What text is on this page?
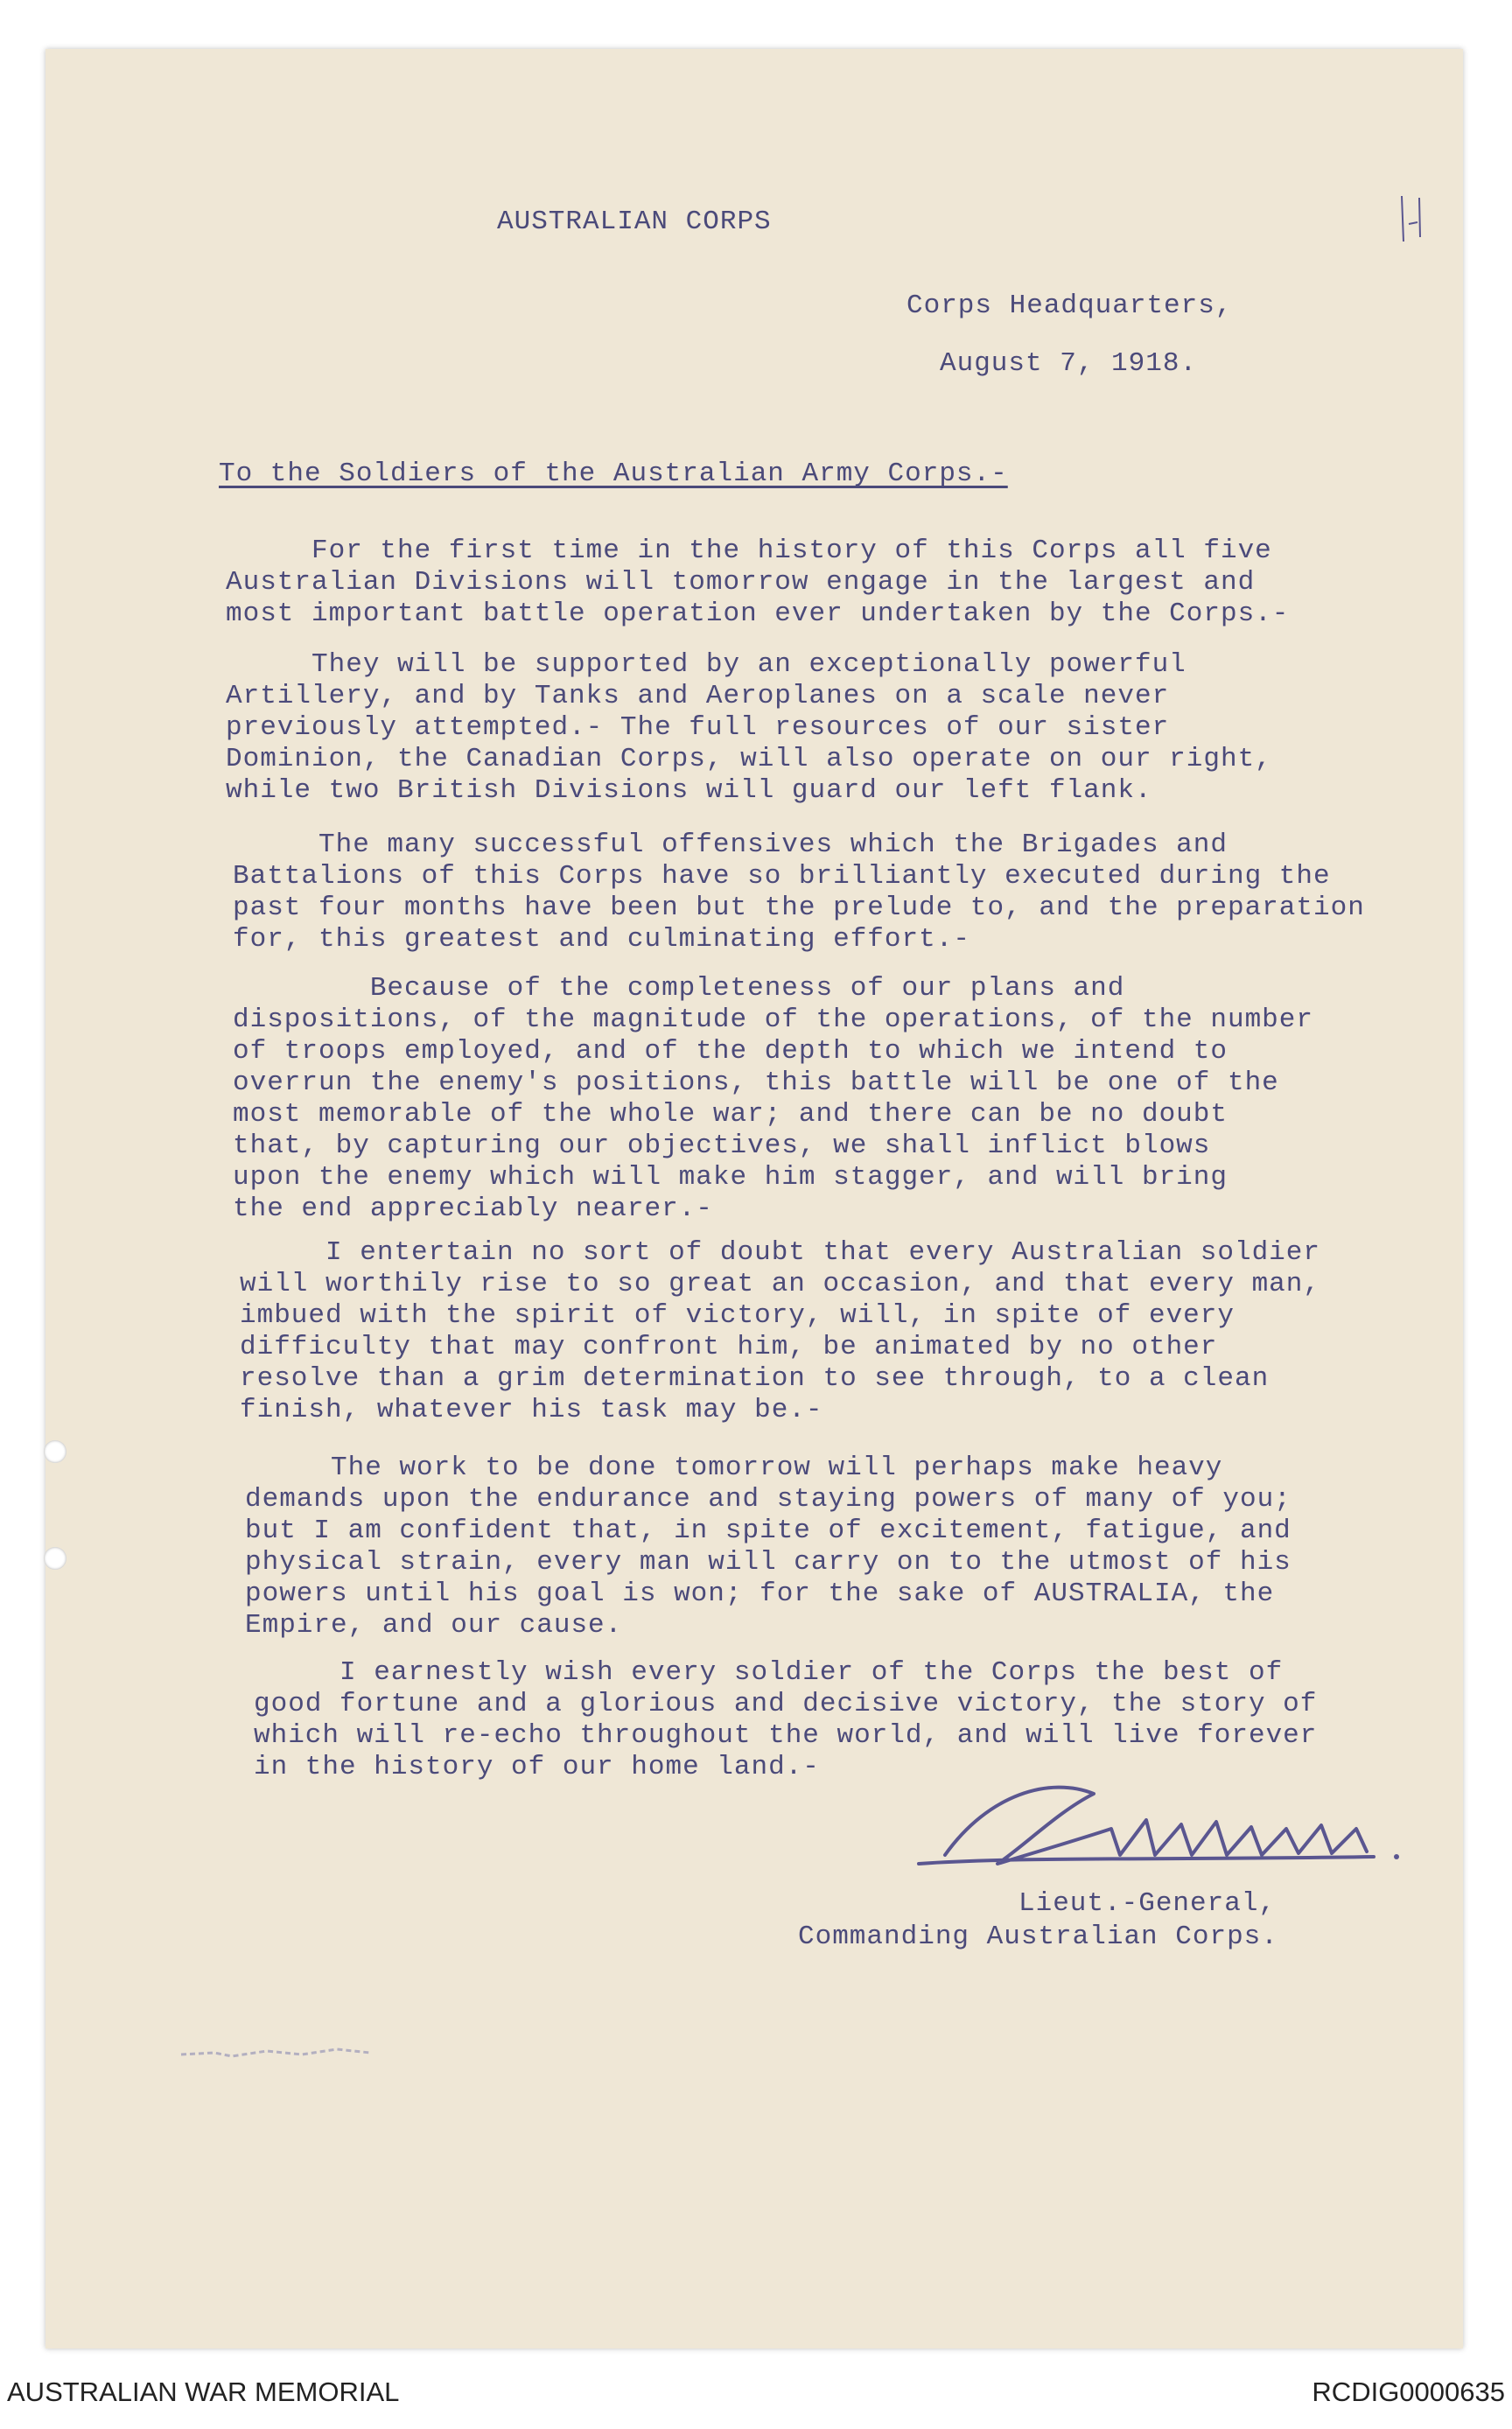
AUSTRALIAN CORPS
Corps Headquarters,
August 7, 1918.
To the Soldiers of the Australian Army Corps.-
For the first time in the history of this Corps all five
Australian Divisions will tomorrow engage in the largest and
most important battle operation ever undertaken by the Corps.-
They will be supported by an exceptionally powerful
Artillery, and by Tanks and Aeroplanes on a scale never
previously attempted.- The full resources of our sister
Dominion, the Canadian Corps, will also operate on our right,
while two British Divisions will guard our left flank.
The many successful offensives which the Brigades and
Battalions of this Corps have so brilliantly executed during the
past four months have been but the prelude to, and the preparation
for, this greatest and culminating effort.-
Because of the completeness of our plans and
dispositions, of the magnitude of the operations, of the number
of troops employed, and of the depth to which we intend to
overrun the enemy's positions, this battle will be one of the
most memorable of the whole war; and there can be no doubt
that, by capturing our objectives, we shall inflict blows
upon the enemy which will make him stagger, and will bring
the end appreciably nearer.-
I entertain no sort of doubt that every Australian soldier
will worthily rise to so great an occasion, and that every man,
imbued with the spirit of victory, will, in spite of every
difficulty that may confront him, be animated by no other
resolve than a grim determination to see through, to a clean
finish, whatever his task may be.-
The work to be done tomorrow will perhaps make heavy
demands upon the endurance and staying powers of many of you;
but I am confident that, in spite of excitement, fatigue, and
physical strain, every man will carry on to the utmost of his
powers until his goal is won; for the sake of AUSTRALIA, the
Empire, and our cause.
I earnestly wish every soldier of the Corps the best of
good fortune and a glorious and decisive victory, the story of
which will re-echo throughout the world, and will live forever
in the history of our home land.-
Lieut.-General,
Commanding Australian Corps.
AUSTRALIAN WAR MEMORIAL	RCDIG0000635
